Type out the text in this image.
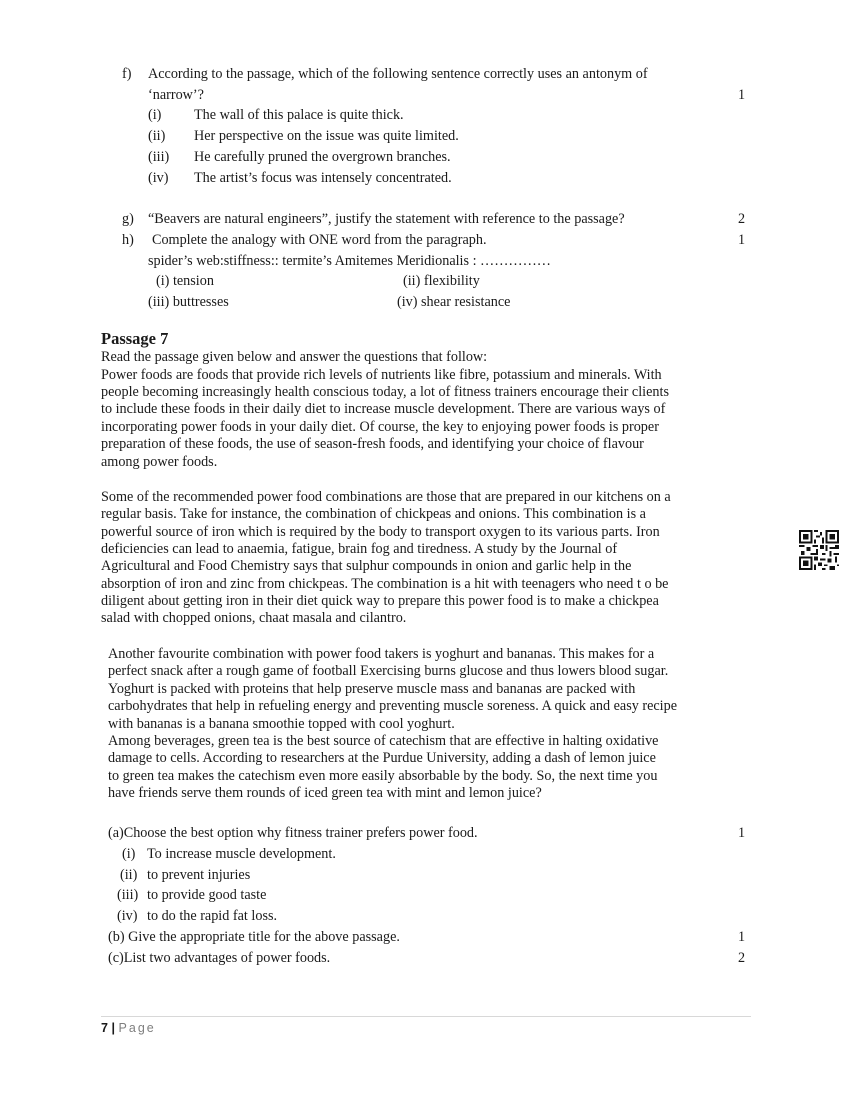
f) According to the passage, which of the following sentence correctly uses an antonym of
‘narrow’?	1
(i) The wall of this palace is quite thick.
(ii) Her perspective on the issue was quite limited.
(iii) He carefully pruned the overgrown branches.
(iv) The artist’s focus was intensely concentrated.
g) “Beavers are natural engineers”, justify the statement with reference to the passage?	2
h) Complete the analogy with ONE word from the paragraph.	1
spider’s web:stiffness:: termite’s Amitemes Meridionalis : ……………
(i) tension	(ii) flexibility
(iii) buttresses	(iv) shear resistance
Passage 7
Read the passage given below and answer the questions that follow:
Power foods are foods that provide rich levels of nutrients like fibre, potassium and minerals. With
people becoming increasingly health conscious today, a lot of fitness trainers encourage their clients
to include these foods in their daily diet to increase muscle development. There are various ways of
incorporating power foods in your daily diet. Of course, the key to enjoying power foods is proper
preparation of these foods, the use of season-fresh foods, and identifying your choice of flavour
among power foods.
Some of the recommended power food combinations are those that are prepared in our kitchens on a
regular basis. Take for instance, the combination of chickpeas and onions. This combination is a
powerful source of iron which is required by the body to transport oxygen to its various parts. Iron
deficiencies can lead to anaemia, fatigue, brain fog and tiredness. A study by the Journal of
Agricultural and Food Chemistry says that sulphur compounds in onion and garlic help in the
absorption of iron and zinc from chickpeas. The combination is a hit with teenagers who need t o be
diligent about getting iron in their diet quick way to prepare this power food is to make a chickpea
salad with chopped onions, chaat masala and cilantro.
Another favourite combination with power food takers is yoghurt and bananas. This makes for a
perfect snack after a rough game of football Exercising burns glucose and thus lowers blood sugar.
Yoghurt is packed with proteins that help preserve muscle mass and bananas are packed with
carbohydrates that help in refueling energy and preventing muscle soreness. A quick and easy recipe
with bananas is a banana smoothie topped with cool yoghurt.
Among beverages, green tea is the best source of catechism that are effective in halting oxidative
damage to cells. According to researchers at the Purdue University, adding a dash of lemon juice
to green tea makes the catechism even more easily absorbable by the body. So, the next time you
have friends serve them rounds of iced green tea with mint and lemon juice?
(a)Choose the best option why fitness trainer prefers power food.	1
(i) To increase muscle development.
(ii) to prevent injuries
(iii) to provide good taste
(iv) to do the rapid fat loss.
(b) Give the appropriate title for the above passage.	1
(c)List two advantages of power foods.	2
7 | Page
